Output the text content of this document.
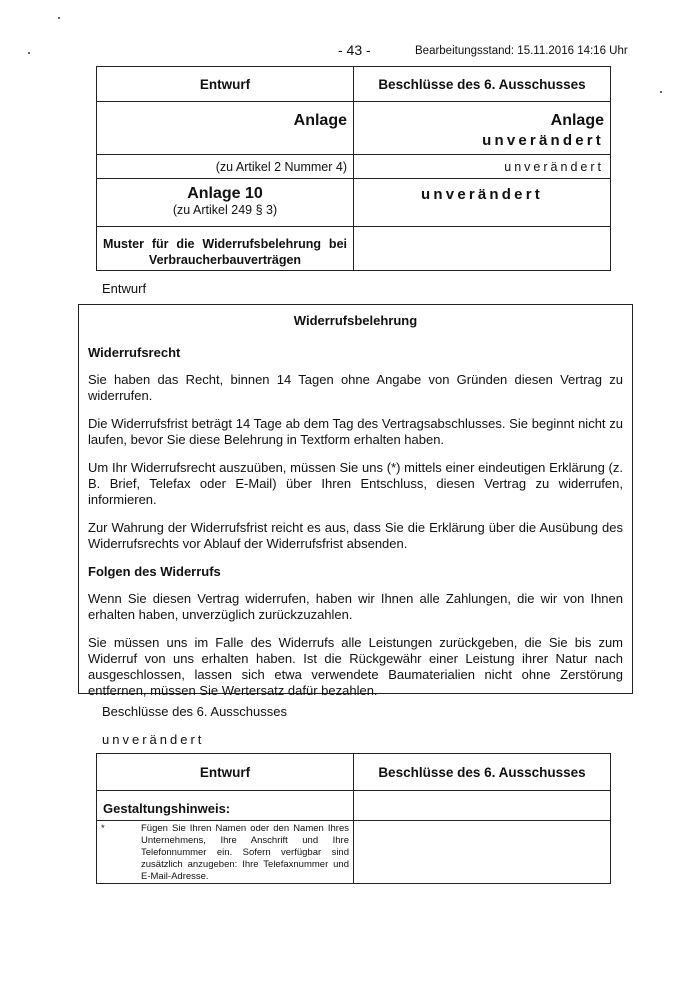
- 43 -	Bearbeitungsstand: 15.11.2016 14:16 Uhr
Entwurf	Beschlüsse des 6. Ausschusses
Anlage	Anlage
unverändert

(zu Artikel 2 Nummer 4)	unverändert

Anlage 10
(zu Artikel 249 § 3)	unverändert
Muster für die Widerrufsbelehrung bei Verbraucherbauverträgen	
Entwurf
Widerrufsbelehrung
Widerrufsrecht

Sie haben das Recht, binnen 14 Tagen ohne Angabe von Gründen diesen Vertrag zu widerrufen.

Die Widerrufsfrist beträgt 14 Tage ab dem Tag des Vertragsabschlusses. Sie beginnt nicht zu laufen, bevor Sie diese Belehrung in Textform erhalten haben.

Um Ihr Widerrufsrecht auszuüben, müssen Sie uns (*) mittels einer eindeutigen Erklärung (z. B. Brief, Telefax oder E-Mail) über Ihren Entschluss, diesen Vertrag zu widerrufen, informieren.

Zur Wahrung der Widerrufsfrist reicht es aus, dass Sie die Erklärung über die Ausübung des Widerrufsrechts vor Ablauf der Widerrufsfrist absenden.

Folgen des Widerrufs

Wenn Sie diesen Vertrag widerrufen, haben wir Ihnen alle Zahlungen, die wir von Ihnen erhalten haben, unverzüglich zurückzuzahlen.

Sie müssen uns im Falle des Widerrufs alle Leistungen zurückgeben, die Sie bis zum Widerruf von uns erhalten haben. Ist die Rückgewähr einer Leistung ihrer Natur nach ausgeschlossen, lassen sich etwa verwendete Baumaterialien nicht ohne Zerstörung entfernen, müssen Sie Wertersatz dafür bezahlen.

Beschlüsse des 6. Ausschusses
unverändert
Entwurf	Beschlüsse des 6. Ausschusses
Gestaltungshinweis:	
* Fügen Sie Ihren Namen oder den Namen Ihres Unternehmens, Ihre Anschrift und Ihre Telefonnummer ein. Sofern verfügbar sind zusätzlich anzugeben: Ihre Telefaxnummer und E-Mail-Adresse.	
